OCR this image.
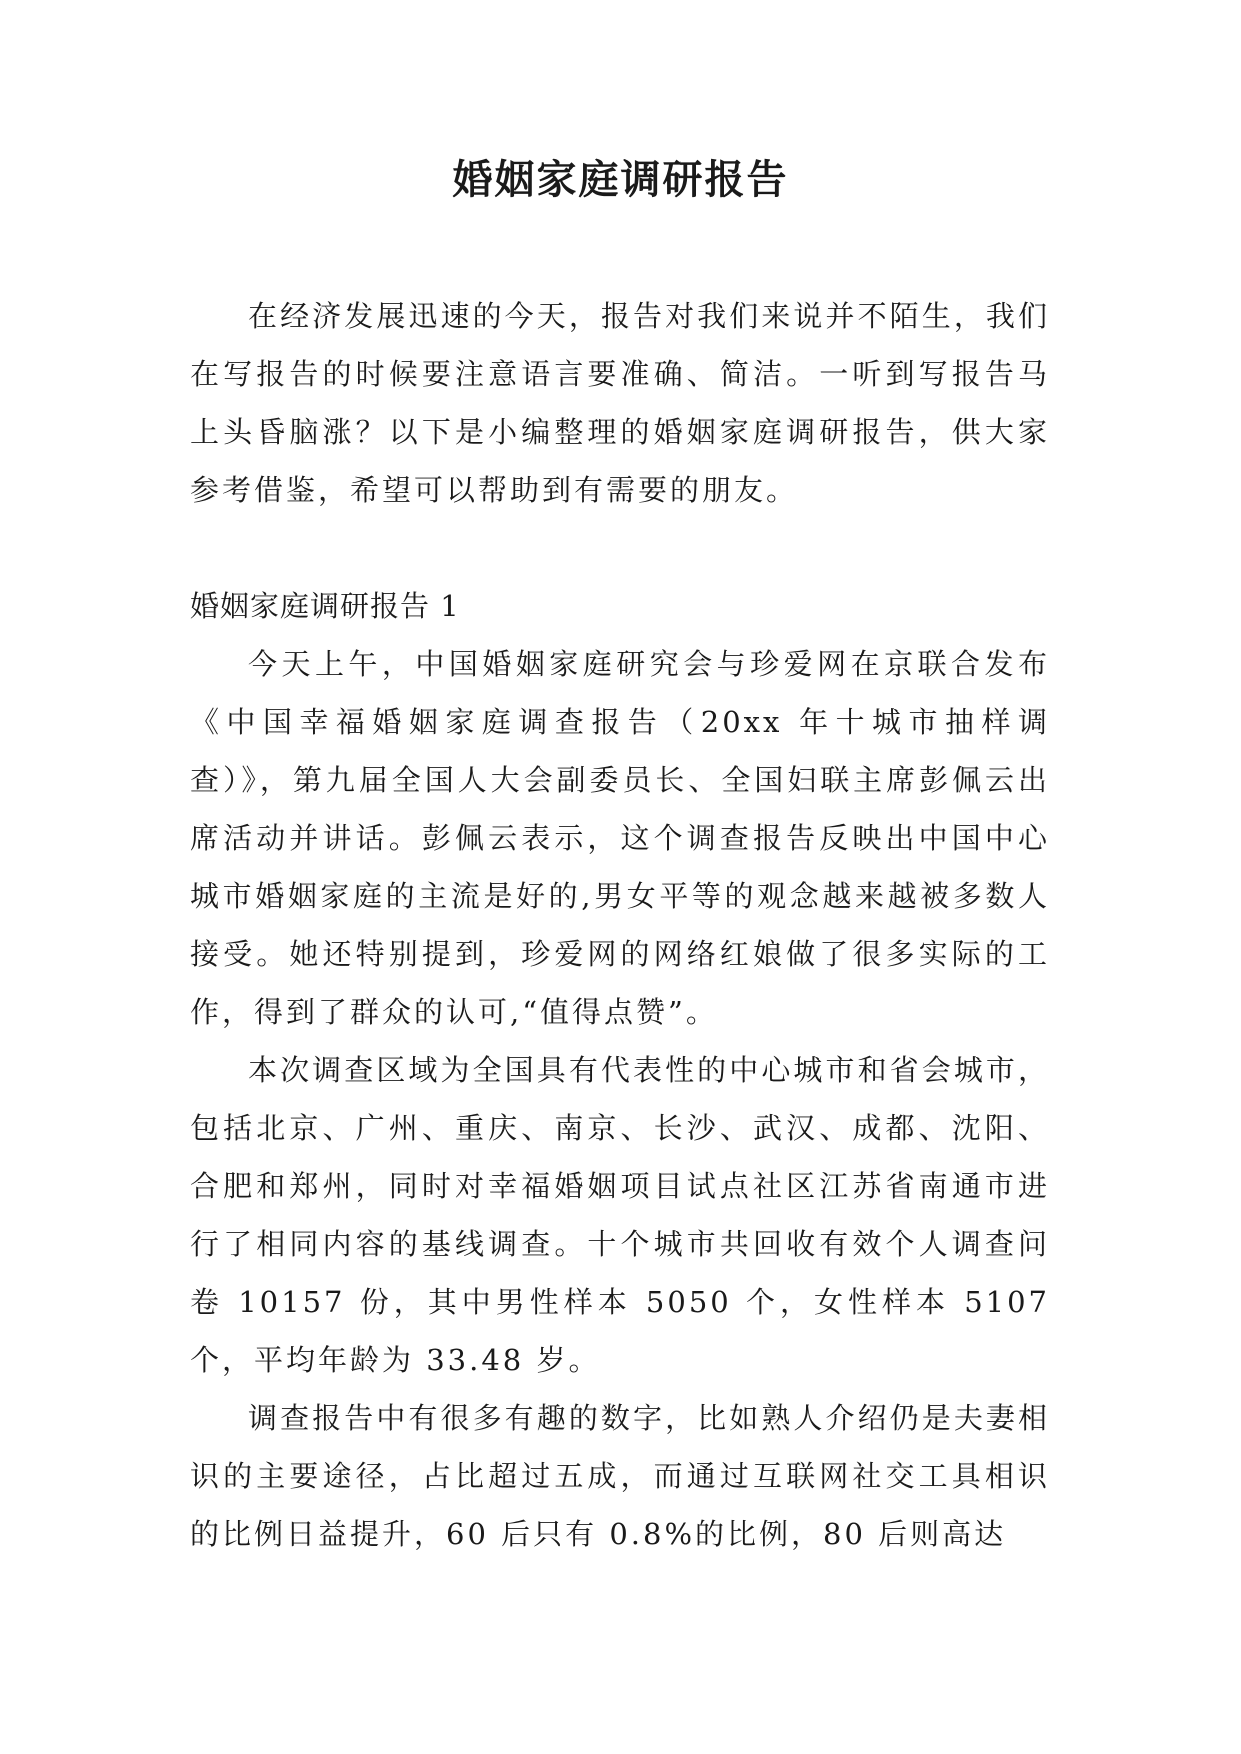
婚姻家庭调研报告

在经济发展迅速的今天，报告对我们来说并不陌生，我们在写报告的时候要注意语言要准确、简洁。一听到写报告马上头昏脑涨？以下是小编整理的婚姻家庭调研报告，供大家参考借鉴，希望可以帮助到有需要的朋友。

婚姻家庭调研报告 1

今天上午，中国婚姻家庭研究会与珍爱网在京联合发布《中国幸福婚姻家庭调查报告（20xx 年十城市抽样调查）》，第九届全国人大会副委员长、全国妇联主席彭佩云出席活动并讲话。彭佩云表示，这个调查报告反映出中国中心城市婚姻家庭的主流是好的,男女平等的观念越来越被多数人接受。她还特别提到，珍爱网的网络红娘做了很多实际的工作，得到了群众的认可,“值得点赞”。

本次调查区域为全国具有代表性的中心城市和省会城市，包括北京、广州、重庆、南京、长沙、武汉、成都、沈阳、合肥和郑州，同时对幸福婚姻项目试点社区江苏省南通市进行了相同内容的基线调查。十个城市共回收有效个人调查问卷 10157 份，其中男性样本 5050 个，女性样本 5107 个，平均年龄为 33.48 岁。

调查报告中有很多有趣的数字，比如熟人介绍仍是夫妻相识的主要途径，占比超过五成，而通过互联网社交工具相识的比例日益提升，60 后只有 0.8%的比例，80 后则高达
